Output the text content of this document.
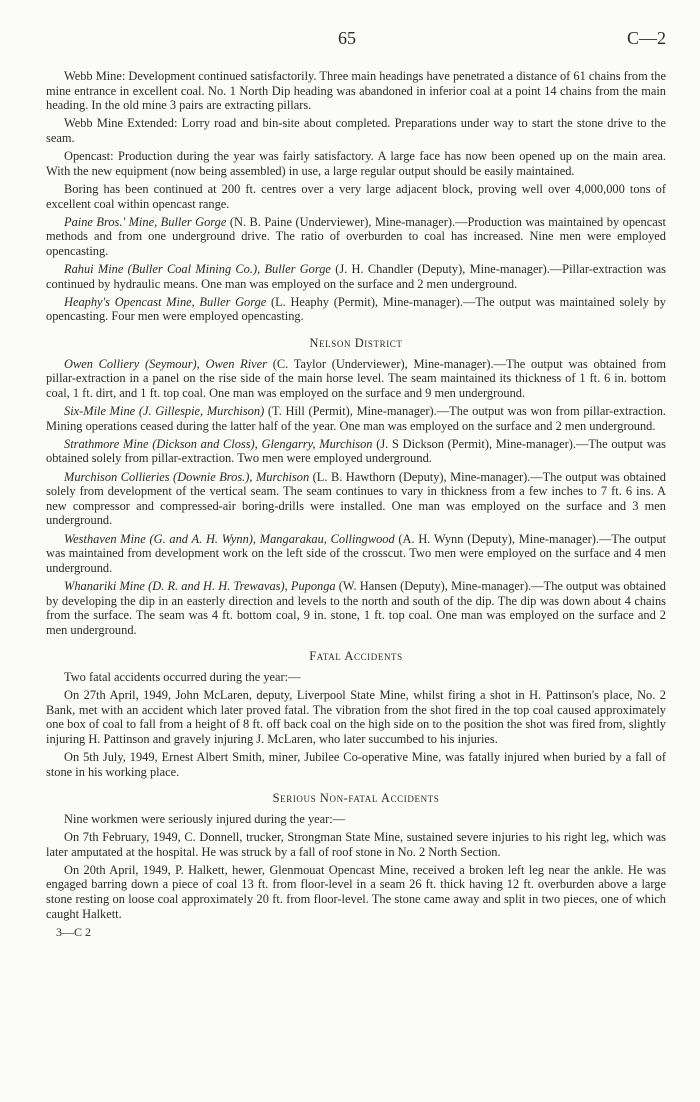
65	C—2

Webb Mine: Development continued satisfactorily. Three main headings have penetrated a distance of 61 chains from the mine entrance in excellent coal. No. 1 North Dip heading was abandoned in inferior coal at a point 14 chains from the main heading. In the old mine 3 pairs are extracting pillars.

Webb Mine Extended: Lorry road and bin-site about completed. Preparations under way to start the stone drive to the seam.

Opencast: Production during the year was fairly satisfactory. A large face has now been opened up on the main area. With the new equipment (now being assembled) in use, a large regular output should be easily maintained.

Boring has been continued at 200 ft. centres over a very large adjacent block, proving well over 4,000,000 tons of excellent coal within opencast range.

Paine Bros.' Mine, Buller Gorge (N. B. Paine (Underviewer), Mine-manager).—Production was maintained by opencast methods and from one underground drive. The ratio of overburden to coal has increased. Nine men were employed opencasting.

Rahui Mine (Buller Coal Mining Co.), Buller Gorge (J. H. Chandler (Deputy), Mine-manager).—Pillar-extraction was continued by hydraulic means. One man was employed on the surface and 2 men underground.

Heaphy's Opencast Mine, Buller Gorge (L. Heaphy (Permit), Mine-manager).—The output was maintained solely by opencasting. Four men were employed opencasting.

Nelson District

Owen Colliery (Seymour), Owen River (C. Taylor (Underviewer), Mine-manager).—The output was obtained from pillar-extraction in a panel on the rise side of the main horse level. The seam maintained its thickness of 1 ft. 6 in. bottom coal, 1 ft. dirt, and 1 ft. top coal. One man was employed on the surface and 9 men underground.

Six-Mile Mine (J. Gillespie, Murchison) (T. Hill (Permit), Mine-manager).—The output was won from pillar-extraction. Mining operations ceased during the latter half of the year. One man was employed on the surface and 2 men underground.

Strathmore Mine (Dickson and Closs), Glengarry, Murchison (J. S Dickson (Permit), Mine-manager).—The output was obtained solely from pillar-extraction. Two men were employed underground.

Murchison Collieries (Downie Bros.), Murchison (L. B. Hawthorn (Deputy), Mine-manager).—The output was obtained solely from development of the vertical seam. The seam continues to vary in thickness from a few inches to 7 ft. 6 ins. A new compressor and compressed-air boring-drills were installed. One man was employed on the surface and 3 men underground.

Westhaven Mine (G. and A. H. Wynn), Mangarakau, Collingwood (A. H. Wynn (Deputy), Mine-manager).—The output was maintained from development work on the left side of the crosscut. Two men were employed on the surface and 4 men underground.

Whanariki Mine (D. R. and H. H. Trewavas), Puponga (W. Hansen (Deputy), Mine-manager).—The output was obtained by developing the dip in an easterly direction and levels to the north and south of the dip. The dip was down about 4 chains from the surface. The seam was 4 ft. bottom coal, 9 in. stone, 1 ft. top coal. One man was employed on the surface and 2 men underground.

Fatal Accidents

Two fatal accidents occurred during the year:—

On 27th April, 1949, John McLaren, deputy, Liverpool State Mine, whilst firing a shot in H. Pattinson's place, No. 2 Bank, met with an accident which later proved fatal. The vibration from the shot fired in the top coal caused approximately one box of coal to fall from a height of 8 ft. off back coal on the high side on to the position the shot was fired from, slightly injuring H. Pattinson and gravely injuring J. McLaren, who later succumbed to his injuries.

On 5th July, 1949, Ernest Albert Smith, miner, Jubilee Co-operative Mine, was fatally injured when buried by a fall of stone in his working place.

Serious Non-fatal Accidents

Nine workmen were seriously injured during the year:—

On 7th February, 1949, C. Donnell, trucker, Strongman State Mine, sustained severe injuries to his right leg, which was later amputated at the hospital. He was struck by a fall of roof stone in No. 2 North Section.

On 20th April, 1949, P. Halkett, hewer, Glenmouat Opencast Mine, received a broken left leg near the ankle. He was engaged barring down a piece of coal 13 ft. from floor-level in a seam 26 ft. thick having 12 ft. overburden above a large stone resting on loose coal approximately 20 ft. from floor-level. The stone came away and split in two pieces, one of which caught Halkett.

3—C 2
